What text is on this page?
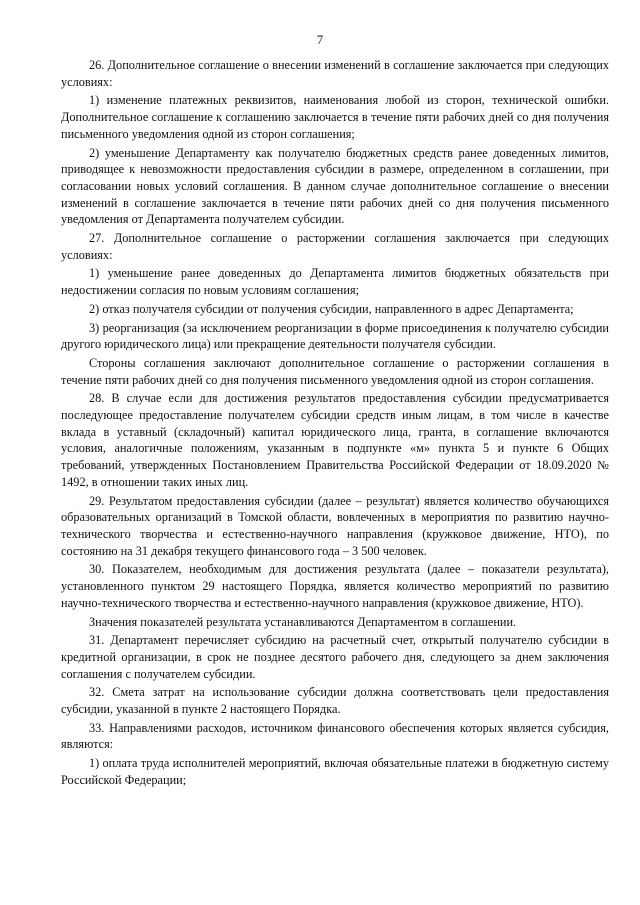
7

26. Дополнительное соглашение о внесении изменений в соглашение заключается при следующих условиях:

1) изменение платежных реквизитов, наименования любой из сторон, технической ошибки. Дополнительное соглашение к соглашению заключается в течение пяти рабочих дней со дня получения письменного уведомления одной из сторон соглашения;

2) уменьшение Департаменту как получателю бюджетных средств ранее доведенных лимитов, приводящее к невозможности предоставления субсидии в размере, определенном в соглашении, при согласовании новых условий соглашения. В данном случае дополнительное соглашение о внесении изменений в соглашение заключается в течение пяти рабочих дней со дня получения письменного уведомления от Департамента получателем субсидии.

27. Дополнительное соглашение о расторжении соглашения заключается при следующих условиях:

1) уменьшение ранее доведенных до Департамента лимитов бюджетных обязательств при недостижении согласия по новым условиям соглашения;

2) отказ получателя субсидии от получения субсидии, направленного в адрес Департамента;

3) реорганизация (за исключением реорганизации в форме присоединения к получателю субсидии другого юридического лица) или прекращение деятельности получателя субсидии.

Стороны соглашения заключают дополнительное соглашение о расторжении соглашения в течение пяти рабочих дней со дня получения письменного уведомления одной из сторон соглашения.

28. В случае если для достижения результатов предоставления субсидии предусматривается последующее предоставление получателем субсидии средств иным лицам, в том числе в качестве вклада в уставный (складочный) капитал юридического лица, гранта, в соглашение включаются условия, аналогичные положениям, указанным в подпункте «м» пункта 5 и пункте 6 Общих требований, утвержденных Постановлением Правительства Российской Федерации от 18.09.2020 № 1492, в отношении таких иных лиц.

29. Результатом предоставления субсидии (далее – результат) является количество обучающихся образовательных организаций в Томской области, вовлеченных в мероприятия по развитию научно-технического творчества и естественно-научного направления (кружковое движение, НТО), по состоянию на 31 декабря текущего финансового года – 3 500 человек.

30. Показателем, необходимым для достижения результата (далее – показатели результата), установленного пунктом 29 настоящего Порядка, является количество мероприятий по развитию научно-технического творчества и естественно-научного направления (кружковое движение, НТО).

Значения показателей результата устанавливаются Департаментом в соглашении.

31. Департамент перечисляет субсидию на расчетный счет, открытый получателю субсидии в кредитной организации, в срок не позднее десятого рабочего дня, следующего за днем заключения соглашения с получателем субсидии.

32. Смета затрат на использование субсидии должна соответствовать цели предоставления субсидии, указанной в пункте 2 настоящего Порядка.

33. Направлениями расходов, источником финансового обеспечения которых является субсидия, являются:

1) оплата труда исполнителей мероприятий, включая обязательные платежи в бюджетную систему Российской Федерации;
